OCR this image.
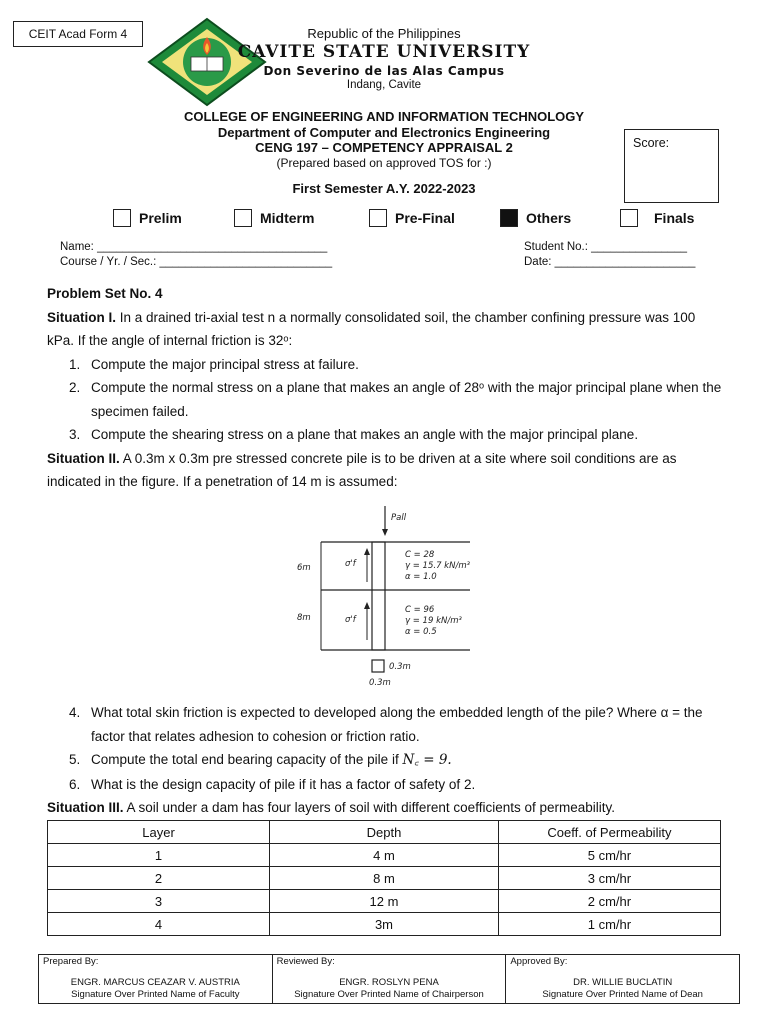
CEIT Acad Form 4	Republic of the Philippines
CAVITE STATE UNIVERSITY
Don Severino de las Alas Campus
Indang, Cavite
COLLEGE OF ENGINEERING AND INFORMATION TECHNOLOGY
Department of Computer and Electronics Engineering
CENG 197 – COMPETENCY APPRAISAL 2
(Prepared based on approved TOS for :)
First Semester A.Y. 2022-2023
Score:
Prelim	Midterm	Pre-Final	Others	Finals
Name: ____________________________________
Course / Yr. / Sec.: ___________________________
Student No.: _______________
Date: ______________________
Problem Set No. 4
Situation I. In a drained tri-axial test n a normally consolidated soil, the chamber confining pressure was 100 kPa. If the angle of internal friction is 32ᵒ:
1. Compute the major principal stress at failure.
2. Compute the normal stress on a plane that makes an angle of 28ᵒ with the major principal plane when the specimen failed.
3. Compute the shearing stress on a plane that makes an angle with the major principal plane.
Situation II. A 0.3m x 0.3m pre stressed concrete pile is to be driven at a site where soil conditions are as indicated in the figure. If a penetration of 14 m is assumed:
Pall
6m
8m
σ'f
σ'f
C = 28
γ = 15.7 kN/m³
α = 1.0
C = 96
γ = 19 kN/m³
α = 0.5
0.3m
0.3m
4. What total skin friction is expected to developed along the embedded length of the pile? Where α = the factor that relates adhesion to cohesion or friction ratio.
5. Compute the total end bearing capacity of the pile if N꜀ = 9.
6. What is the design capacity of pile if it has a factor of safety of 2.
Situation III. A soil under a dam has four layers of soil with different coefficients of permeability.
Layer	Depth	Coeff. of Permeability
1	4 m	5 cm/hr
2	8 m	3 cm/hr
3	12 m	2 cm/hr
4	3m	1 cm/hr
Prepared By:
ENGR. MARCUS CEAZAR V. AUSTRIA
Signature Over Printed Name of Faculty
Reviewed By:
ENGR. ROSLYN PENA
Signature Over Printed Name of Chairperson
Approved By:
DR. WILLIE BUCLATIN
Signature Over Printed Name of Dean
